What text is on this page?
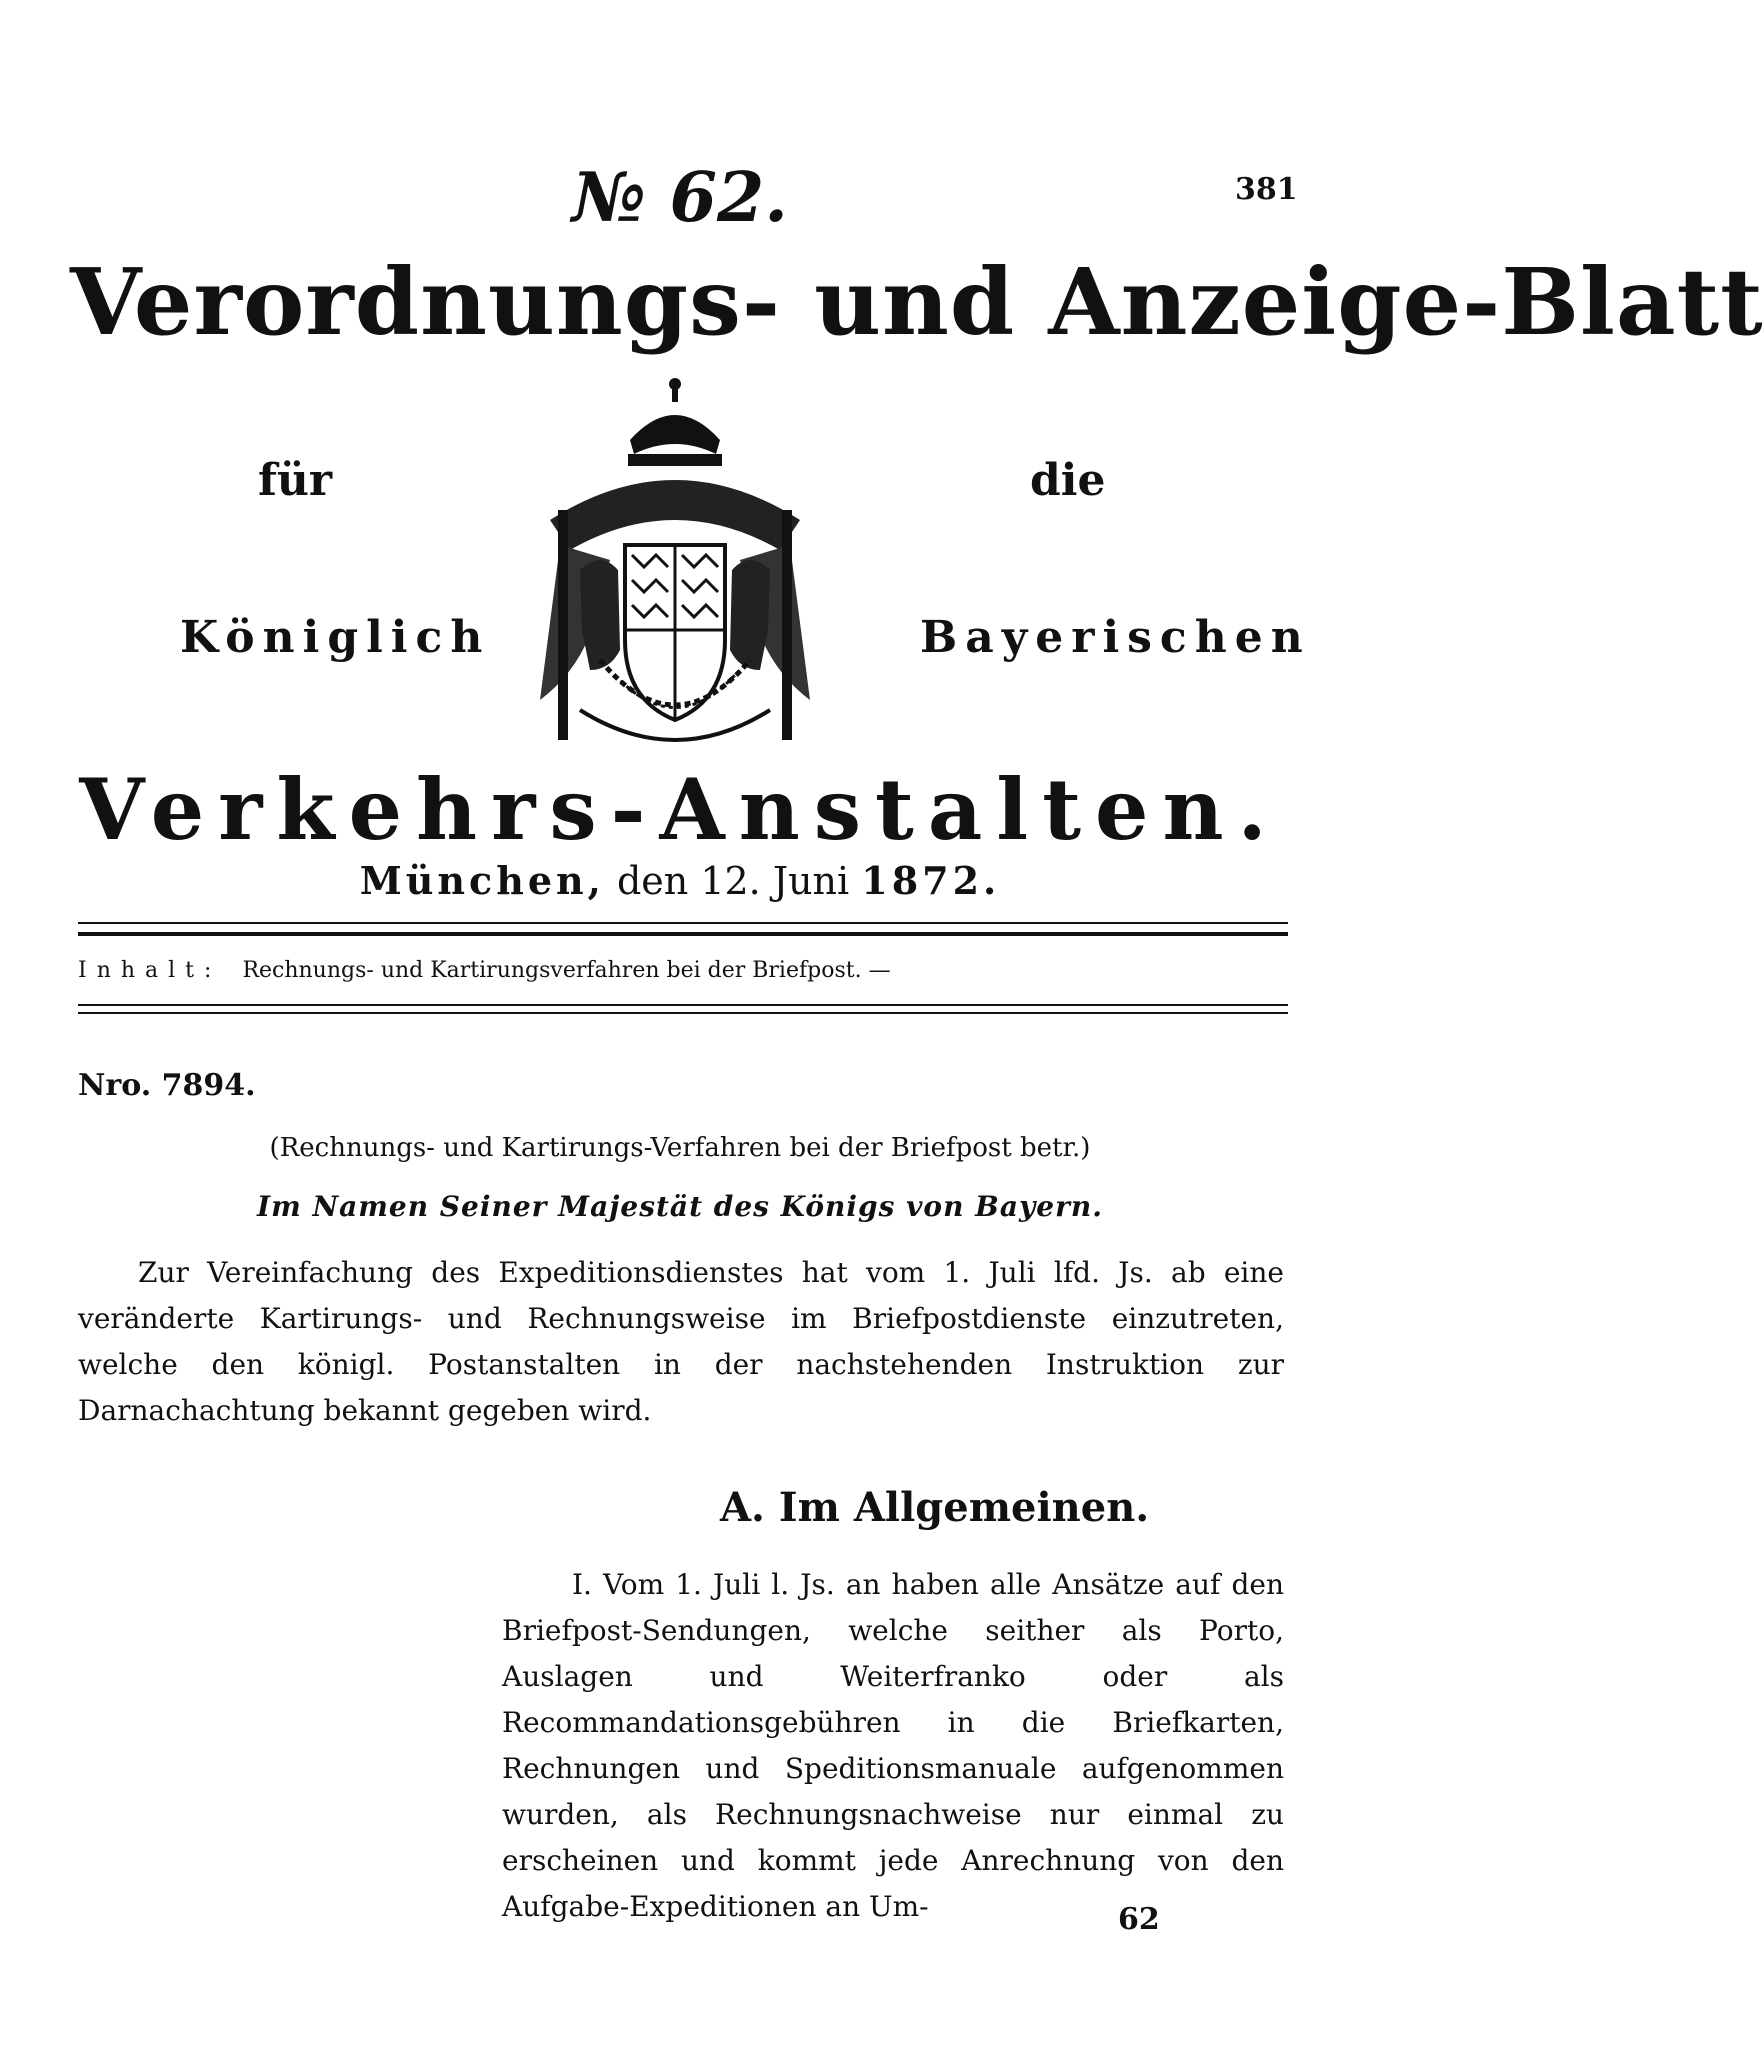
№ 62.	381
Verordnungs- und Anzeige-Blatt
für	die
Königlich	Bayerischen
Verkehrs-Anstalten.
München, den 12. Juni 1872.
Inhalt: Rechnungs- und Kartirungsverfahren bei der Briefpost. —
Nro. 7894.
(Rechnungs- und Kartirungs-Verfahren bei der Briefpost betr.)
Im Namen Seiner Majestät des Königs von Bayern.
Zur Vereinfachung des Expeditionsdienstes hat vom 1. Juli lfd. Js. ab eine veränderte Kartirungs- und Rechnungsweise im Briefpostdienste einzutreten, welche den königl. Postanstalten in der nachstehenden Instruktion zur Darnachachtung bekannt gegeben wird.
A. Im Allgemeinen.
I. Vom 1. Juli l. Js. an haben alle Ansätze auf den Briefpost-Sendungen, welche seither als Porto, Auslagen und Weiterfranko oder als Recommandationsgebühren in die Briefkarten, Rechnungen und Speditionsmanuale aufgenommen wurden, als Rechnungsnachweise nur einmal zu erscheinen und kommt jede Anrechnung von den Aufgabe-Expeditionen an Um-	62
